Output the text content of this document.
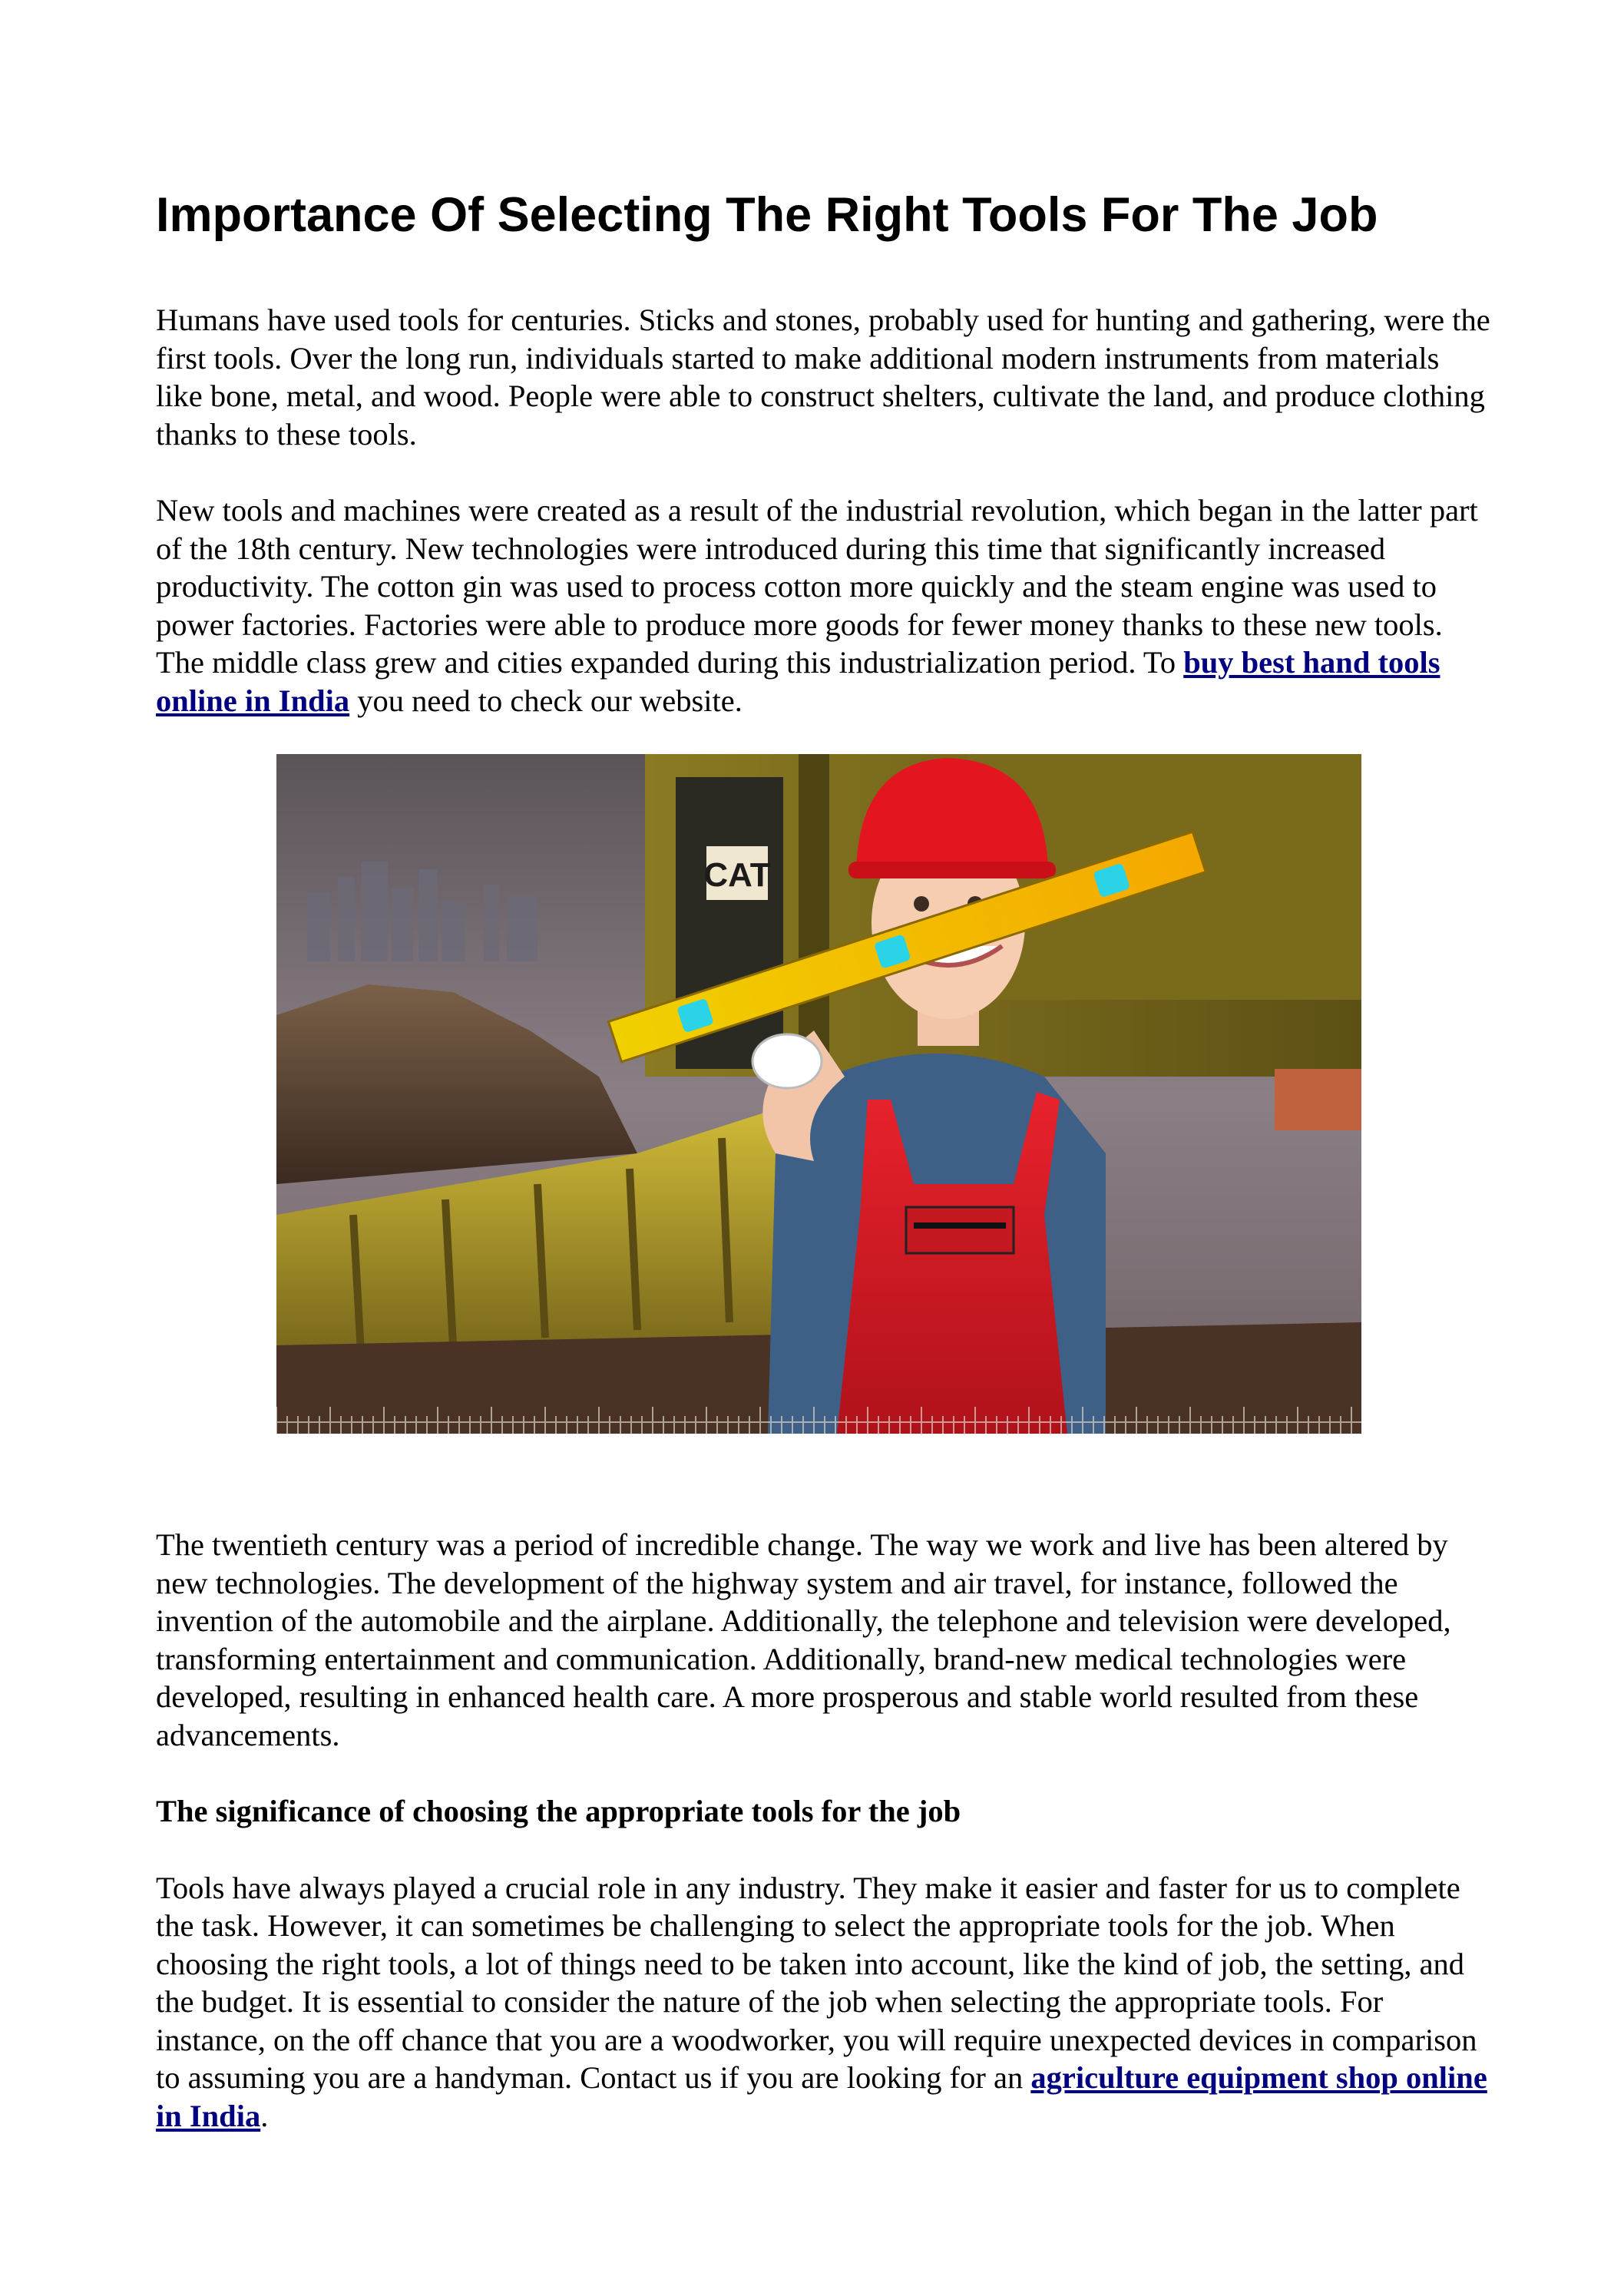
Importance Of Selecting The Right Tools For The Job

Humans have used tools for centuries. Sticks and stones, probably used for hunting and gathering, were the first tools. Over the long run, individuals started to make additional modern instruments from materials like bone, metal, and wood. People were able to construct shelters, cultivate the land, and produce clothing thanks to these tools.

New tools and machines were created as a result of the industrial revolution, which began in the latter part of the 18th century. New technologies were introduced during this time that significantly increased productivity. The cotton gin was used to process cotton more quickly and the steam engine was used to power factories. Factories were able to produce more goods for fewer money thanks to these new tools. The middle class grew and cities expanded during this industrialization period. To buy best hand tools online in India you need to check our website.

CAT

The twentieth century was a period of incredible change. The way we work and live has been altered by new technologies. The development of the highway system and air travel, for instance, followed the invention of the automobile and the airplane. Additionally, the telephone and television were developed, transforming entertainment and communication. Additionally, brand-new medical technologies were developed, resulting in enhanced health care. A more prosperous and stable world resulted from these advancements.

The significance of choosing the appropriate tools for the job

Tools have always played a crucial role in any industry. They make it easier and faster for us to complete the task. However, it can sometimes be challenging to select the appropriate tools for the job. When choosing the right tools, a lot of things need to be taken into account, like the kind of job, the setting, and the budget. It is essential to consider the nature of the job when selecting the appropriate tools. For instance, on the off chance that you are a woodworker, you will require unexpected devices in comparison to assuming you are a handyman. Contact us if you are looking for an agriculture equipment shop online in India.
